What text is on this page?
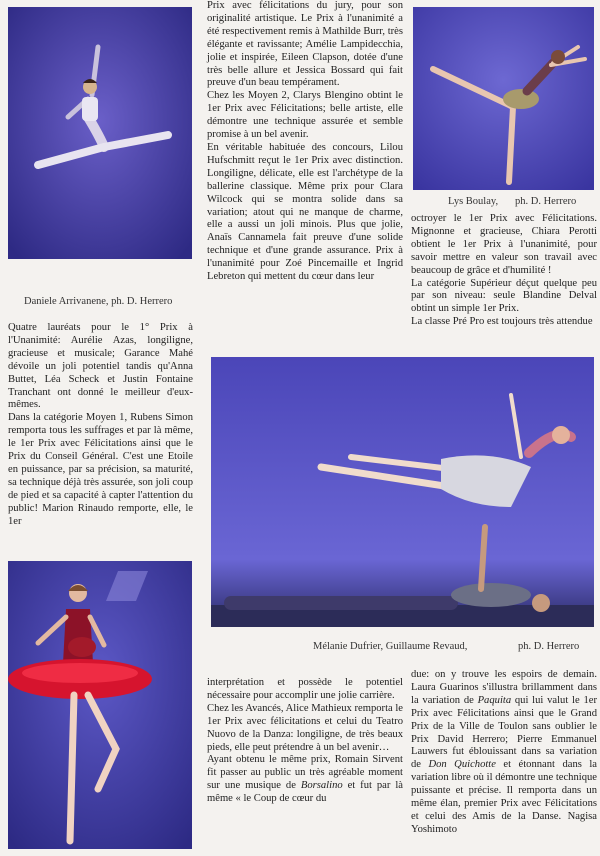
Daniele Arrivanene, ph. D. Herrero
Lys Boulay, ph. D. Herrero

Prix avec félicitations du jury, pour son originalité artistique. Le Prix à l'unanimité a été respectivement remis à Mathilde Burr, très élégante et ravissante; Amélie Lampidecchia, jolie et inspirée, Eileen Clapson, dotée d'une très belle allure et Jessica Bossard qui fait preuve d'un beau tempérament.

Chez les Moyen 2, Clarys Blengino obtint le 1er Prix avec Félicitations; belle artiste, elle démontre une technique assurée et semble promise à un bel avenir.

En véritable habituée des concours, Lilou Hufschmitt reçut le 1er Prix avec distinction. Longiligne, délicate, elle est l'archétype de la ballerine classique. Même prix pour Clara Wilcock qui se montra solide dans sa variation; atout qui ne manque de charme, elle a aussi un joli minois. Plus que jolie, Anaïs Cannamela fait preuve d'une solide technique et d'une grande assurance. Prix à l'unanimité pour Zoé Pincemaille et Ingrid Lebreton qui mettent du cœur dans leur

octroyer le 1er Prix avec Félicitations. Mignonne et gracieuse, Chiara Perotti obtient le 1er Prix à l'unanimité, pour savoir mettre en valeur son travail avec beaucoup de grâce et d'humilité !

La catégorie Supérieur déçut quelque peu par son niveau: seule Blandine Delval obtint un simple 1er Prix.

La classe Pré Pro est toujours très attendue

Quatre lauréats pour le 1° Prix à l'Unanimité: Aurélie Azas, longiligne, gracieuse et musicale; Garance Mahé dévoile un joli potentiel tandis qu'Anna Buttet, Léa Scheck et Justin Fontaine Tranchant ont donné le meilleur d'eux-mêmes.

Dans la catégorie Moyen 1, Rubens Simon remporta tous les suffrages et par là même, le 1er Prix avec Félicitations ainsi que le Prix du Conseil Général. C'est une Etoile en puissance, par sa précision, sa maturité, sa technique déjà très assurée, son joli coup de pied et sa capacité à capter l'attention du public! Marion Rinaudo remporte, elle, le 1er

Mélanie Dufrier, Guillaume Revaud,	ph. D. Herrero

interprétation et possède le potentiel nécessaire pour accomplir une jolie carrière.

Chez les Avancés, Alice Mathieux remporta le 1er Prix avec félicitations et celui du Teatro Nuovo de la Danza: longiligne, de très beaux pieds, elle peut prétendre à un bel avenir…

Ayant obtenu le même prix, Romain Sirvent fit passer au public un très agréable moment sur une musique de Borsalino et fut par là même « le Coup de cœur du

due: on y trouve les espoirs de demain. Laura Guarinos s'illustra brillamment dans la variation de Paquita qui lui valut le 1er Prix avec Félicitations ainsi que le Grand Prix de la Ville de Toulon sans oublier le Prix David Herrero; Pierre Emmanuel Lauwers fut éblouissant dans sa variation de Don Quichotte et étonnant dans la variation libre où il démontre une technique puissante et précise. Il remporta dans un même élan, premier Prix avec Félicitations et celui des Amis de la Danse. Nagisa Yoshimoto
